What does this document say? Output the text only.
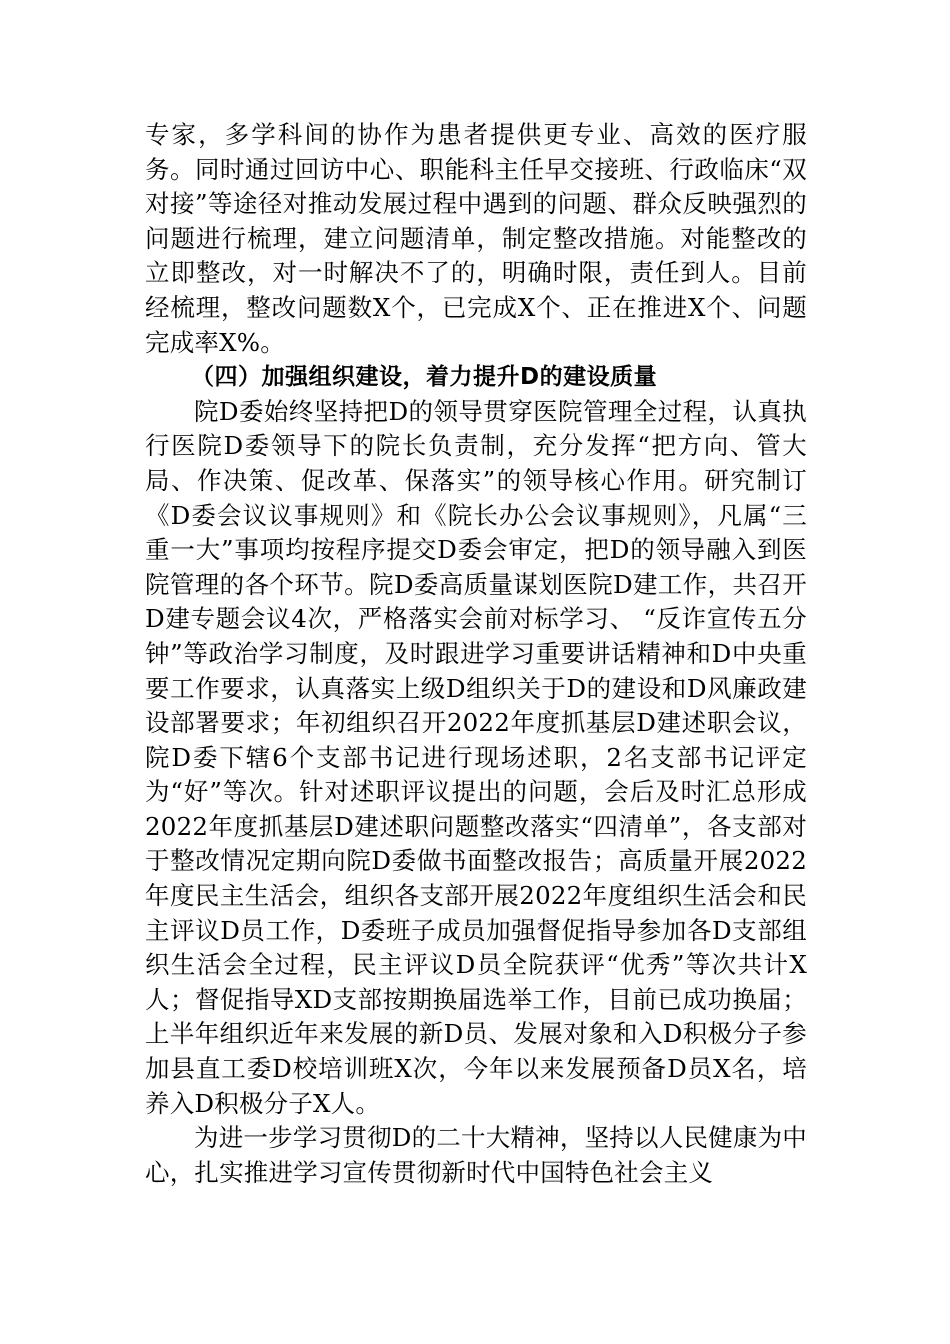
专家，多学科间的协作为患者提供更专业、高效的医疗服务。同时通过回访中心、职能科主任早交接班、行政临床“双对接”等途径对推动发展过程中遇到的问题、群众反映强烈的问题进行梳理，建立问题清单，制定整改措施。对能整改的立即整改，对一时解决不了的，明确时限，责任到人。目前经梳理，整改问题数X个，已完成X个、正在推进X个、问题完成率X%。

（四）加强组织建设，着力提升D的建设质量

院D委始终坚持把D的领导贯穿医院管理全过程，认真执行医院D委领导下的院长负责制，充分发挥“把方向、管大局、作决策、促改革、保落实”的领导核心作用。研究制订《D委会议议事规则》和《院长办公会议事规则》，凡属“三重一大”事项均按程序提交D委会审定，把D的领导融入到医院管理的各个环节。院D委高质量谋划医院D建工作，共召开D建专题会议4次，严格落实会前对标学习、 “反诈宣传五分钟”等政治学习制度，及时跟进学习重要讲话精神和D中央重要工作要求，认真落实上级D组织关于D的建设和D风廉政建设部署要求；年初组织召开2022年度抓基层D建述职会议，院D委下辖6个支部书记进行现场述职，2名支部书记评定为“好”等次。针对述职评议提出的问题，会后及时汇总形成2022年度抓基层D建述职问题整改落实“四清单”，各支部对于整改情况定期向院D委做书面整改报告；高质量开展2022年度民主生活会，组织各支部开展2022年度组织生活会和民主评议D员工作，D委班子成员加强督促指导参加各D支部组织生活会全过程，民主评议D员全院获评“优秀”等次共计X人；督促指导XD支部按期换届选举工作，目前已成功换届；上半年组织近年来发展的新D员、发展对象和入D积极分子参加县直工委D校培训班X次，今年以来发展预备D员X名，培养入D积极分子X人。

为进一步学习贯彻D的二十大精神，坚持以人民健康为中心，扎实推进学习宣传贯彻新时代中国特色社会主义
